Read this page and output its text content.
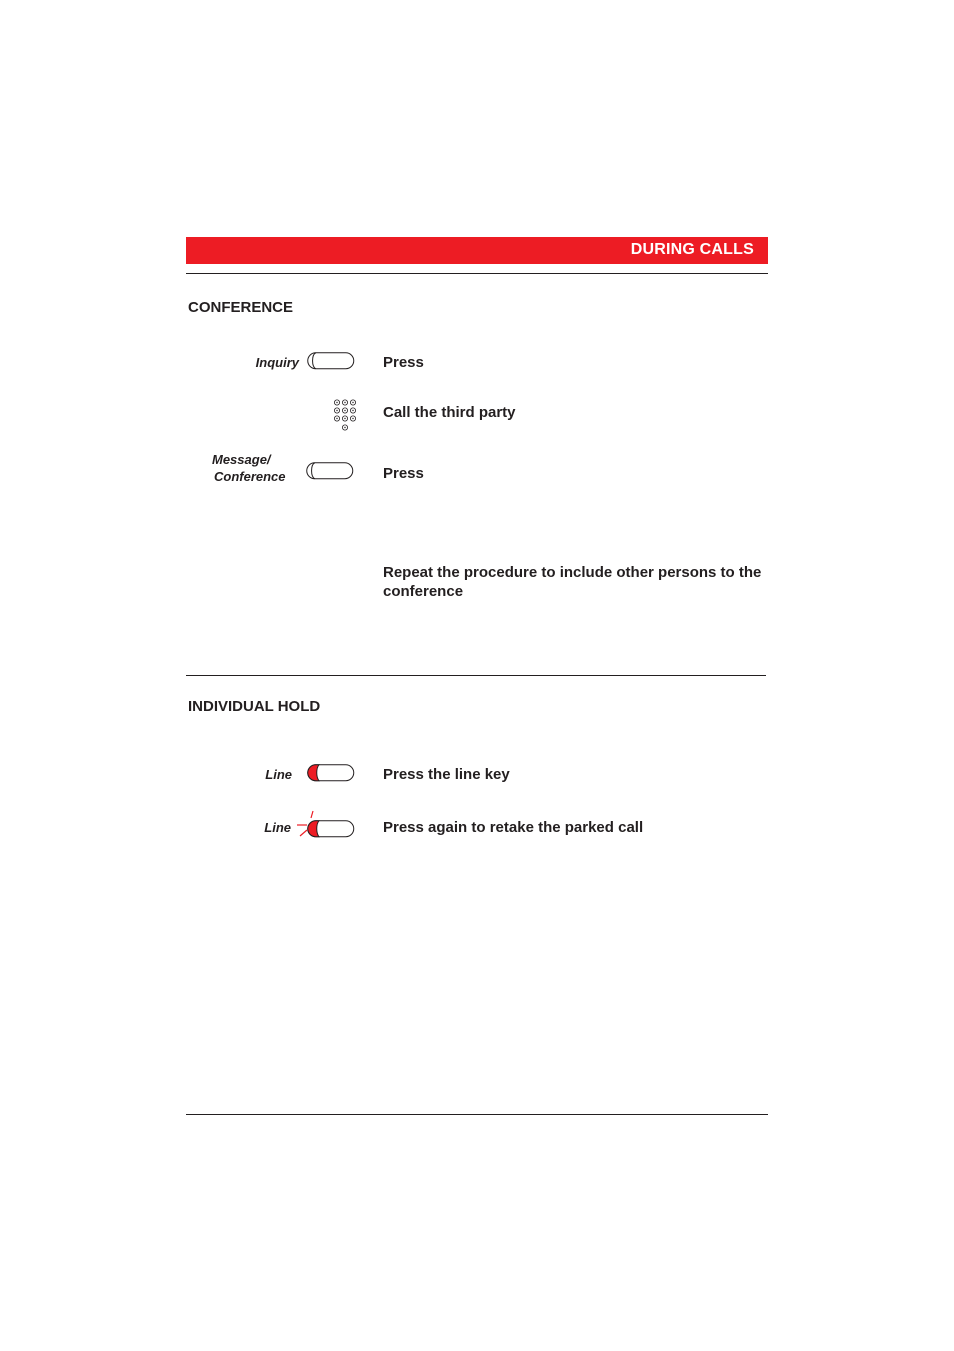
DURING CALLS
CONFERENCE
Inquiry	Press
Call the third party
Message/
Conference	Press
Repeat the procedure to include other persons to the conference
INDIVIDUAL HOLD
Line	Press the line key
Line	Press again to retake the parked call
